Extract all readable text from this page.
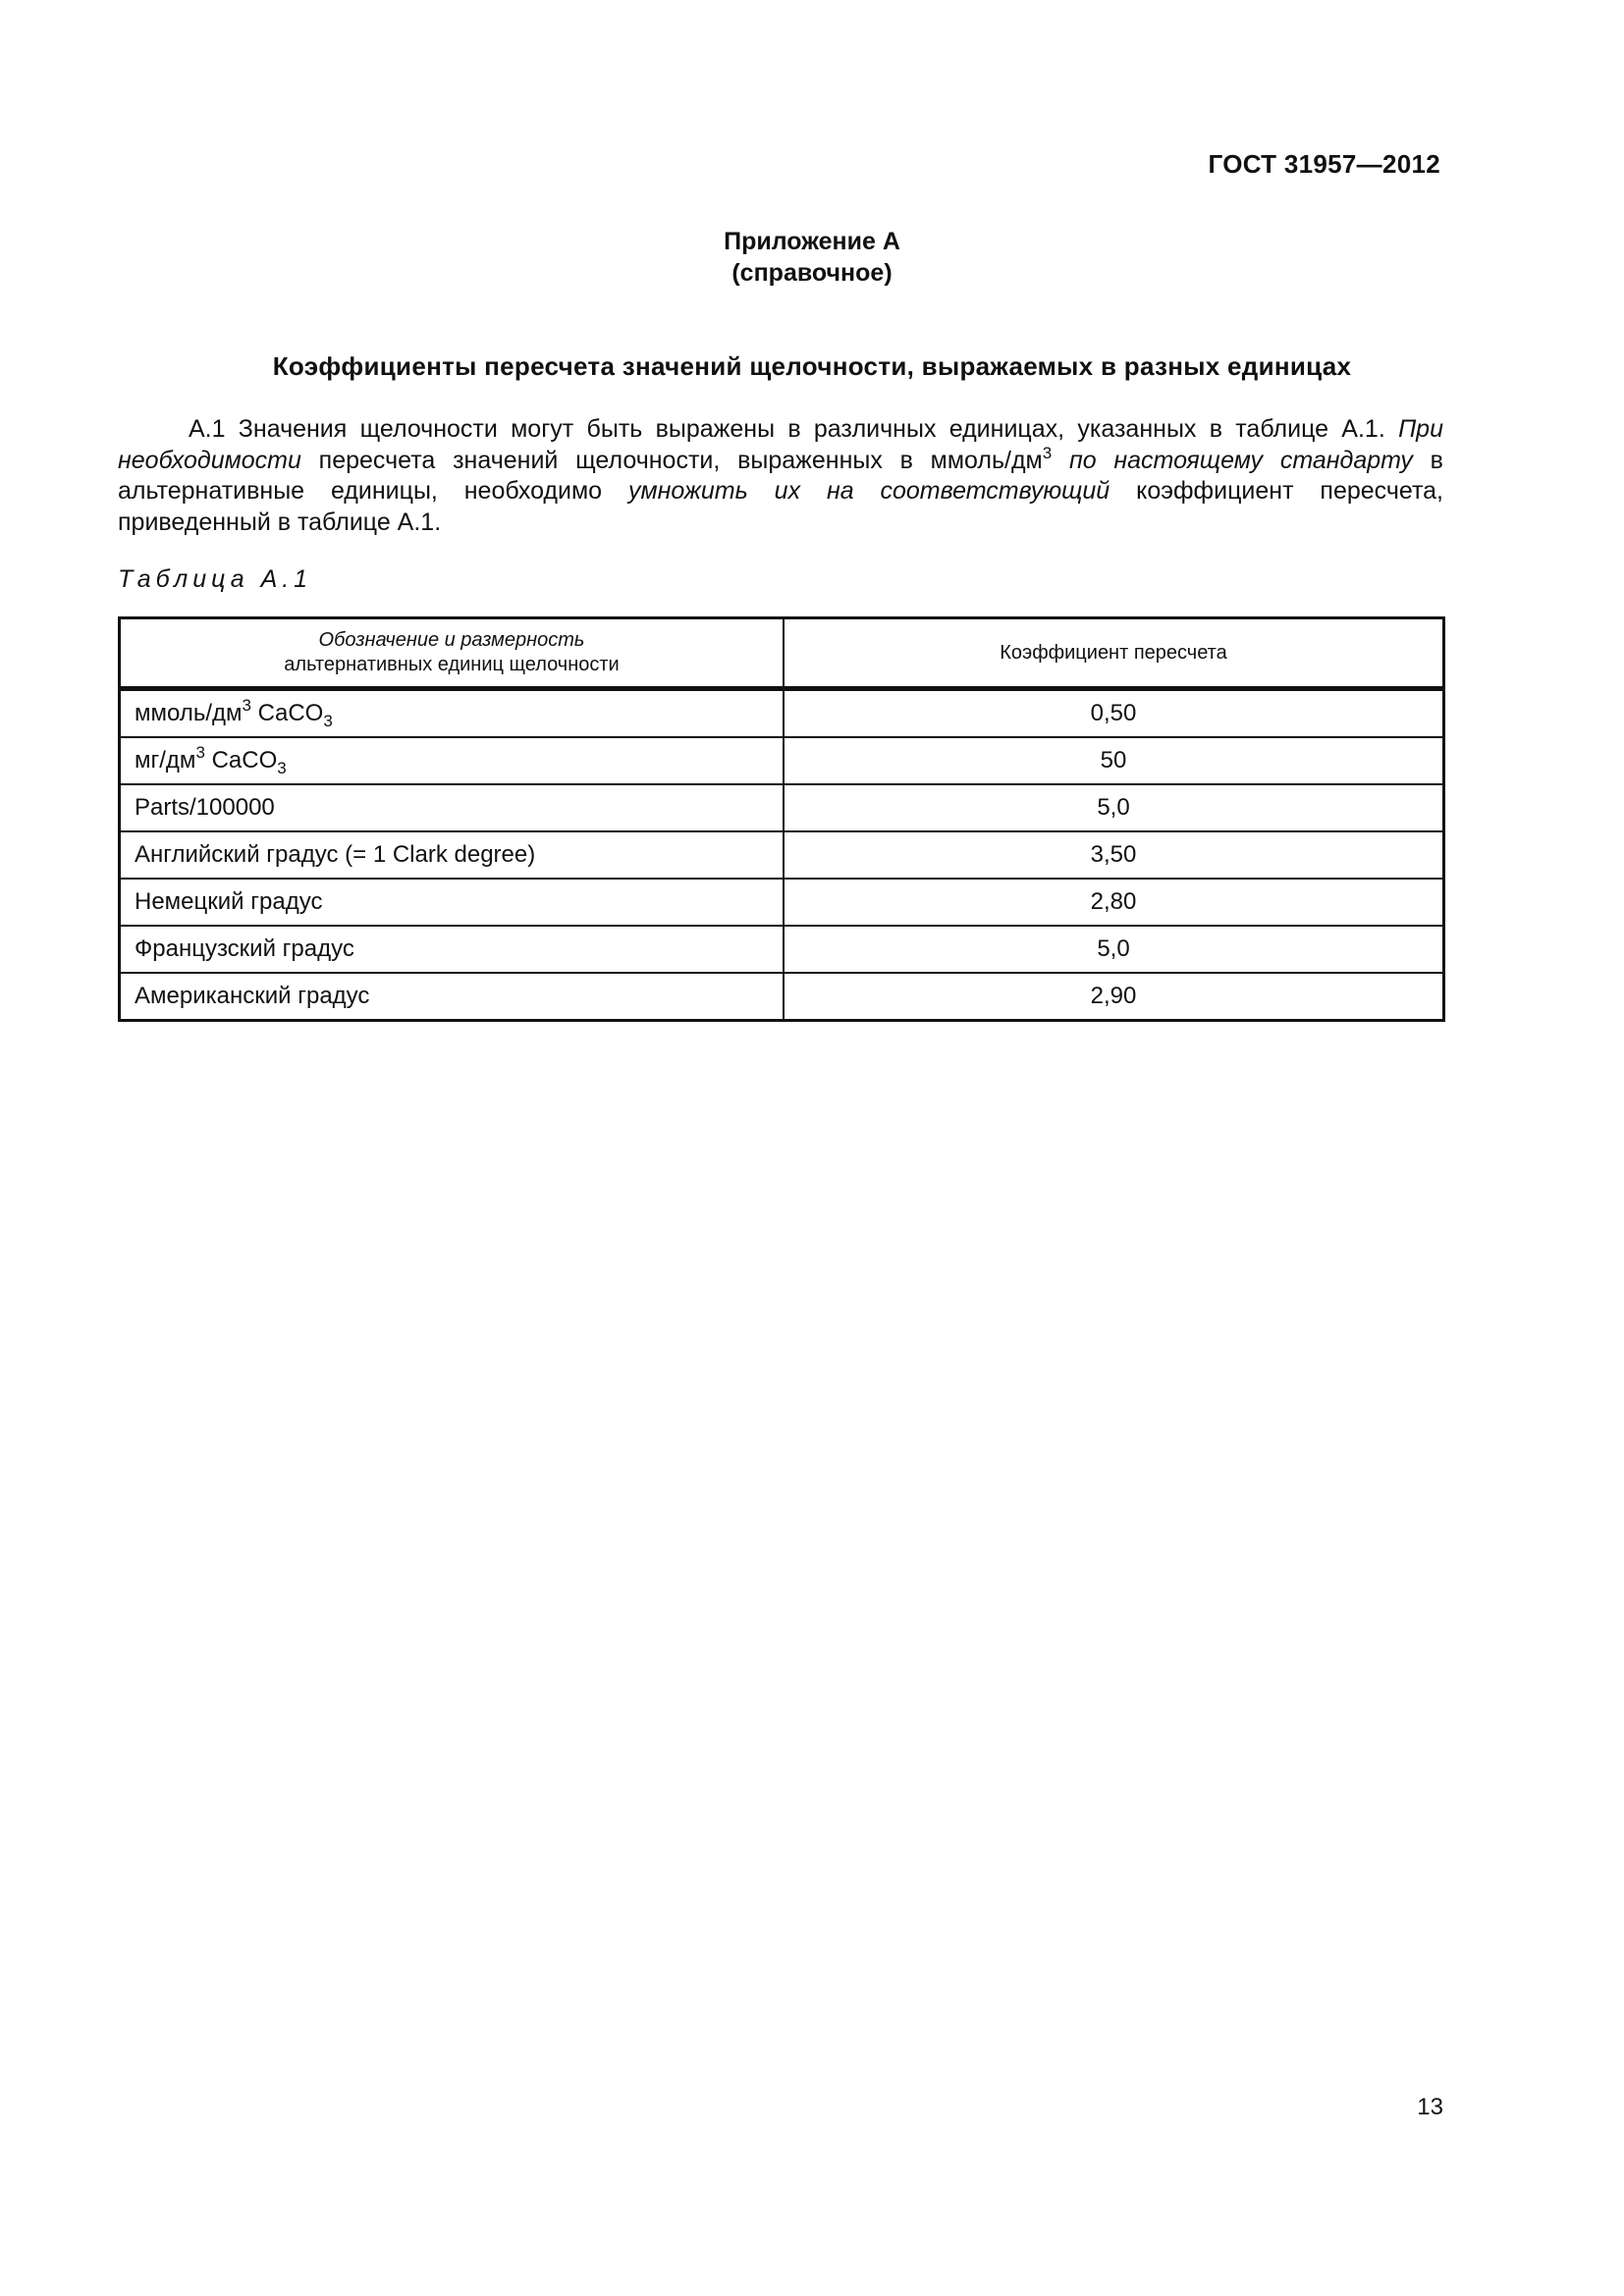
ГОСТ 31957—2012
Приложение А
(справочное)
Коэффициенты пересчета значений щелочности, выражаемых в разных единицах
А.1 Значения щелочности могут быть выражены в различных единицах, указанных в таблице А.1. При необходимости пересчета значений щелочности, выраженных в ммоль/$дм^3$ по настоящему стандарту в альтернативные единицы, необходимо умножить их на соответствующий коэффициент пересчета, приведенный в таблице А.1.
Таблица А.1
Обозначение и размерность
альтернативных единиц щелочности	Коэффициент пересчета
ммоль/$дм^3$ CaCO$_3$	0,50
$мг/дм^3$ CaCO$_3$	50
Parts/100000	5,0
Английский градус (= 1 Clark degree)	3,50
Немецкий градус	2,80
Французский градус	5,0
Американский градус	2,90
13
